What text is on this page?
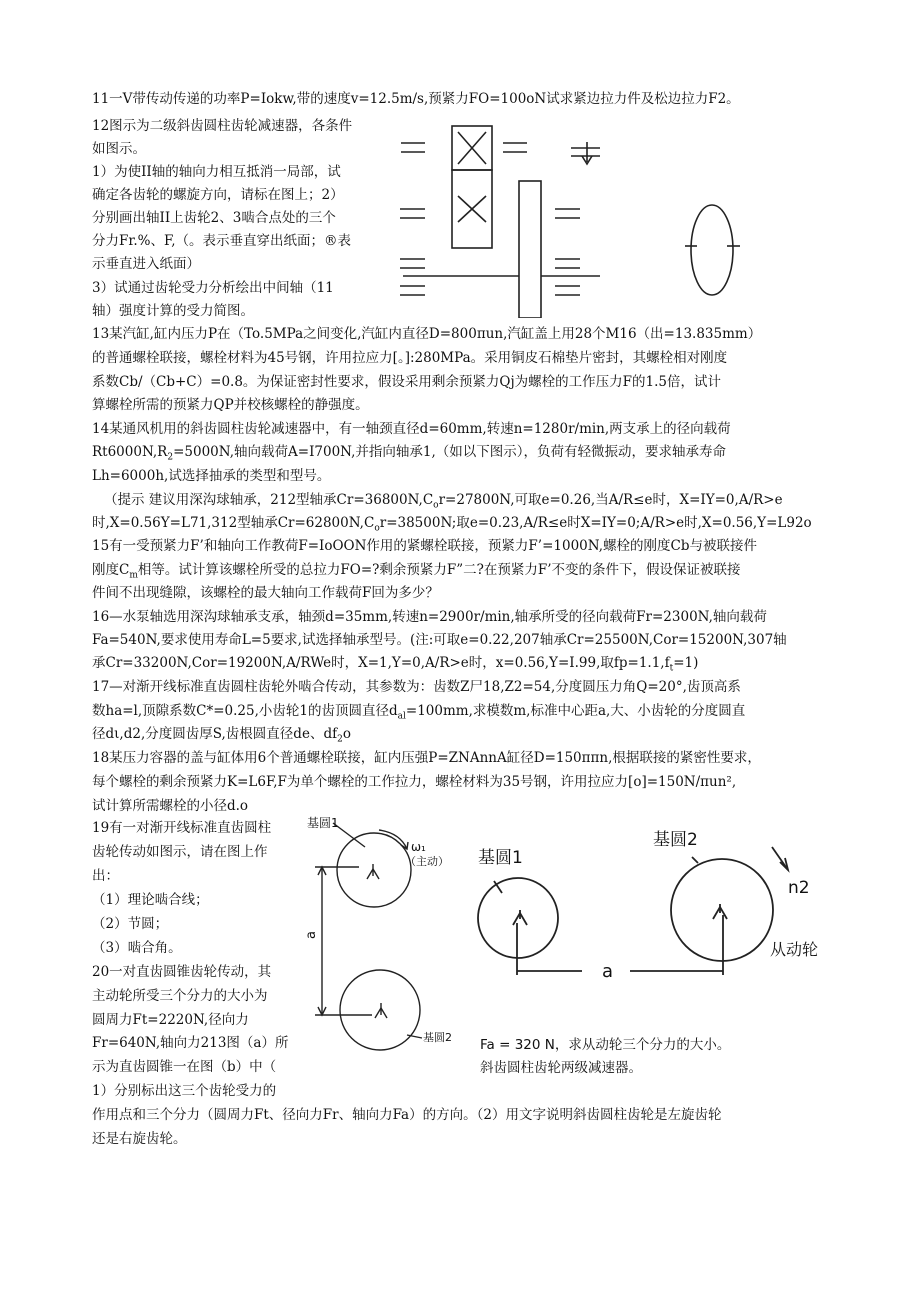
11一V带传动传递的功率P=Iokw,带的速度v=12.5m/s,预紧力FO=100oN试求紧边拉力件及松边拉力F2。
12图示为二级斜齿圆柱齿轮减速器，各条件
如图示。
1）为使II轴的轴向力相互抵消一局部，试
确定各齿轮的螺旋方向，请标在图上；2）
分别画出轴II上齿轮2、3啮合点处的三个
分力Fr.%、F,（。表示垂直穿出纸面；®表
示垂直进入纸面）
3）试通过齿轮受力分析绘出中间轴（11
轴）强度计算的受力简图。
13某汽缸,缸内压力P在（To.5MPa之间变化,汽缸内直径D=800πun,汽缸盖上用28个M16（出=13.835mm）
的普通螺栓联接，螺栓材料为45号钢，许用拉应力[。]:280MPa。采用铜皮石棉垫片密封，其螺栓相对刚度
系数Cb/（Cb+C）=0.8。为保证密封性要求，假设采用剩余预紧力Qj为螺栓的工作压力F的1.5倍，试计
算螺栓所需的预紧力QP并校核螺栓的静强度。
14某通风机用的斜齿圆柱齿轮减速器中，有一轴颈直径d=60mm,转速n=1280r/min,两支承上的径向载荷
$Rt6000N,R_2=5000N$,轴向载荷A=I700N,并指向轴承1,（如以下图示），负荷有轻微振动，要求轴承寿命
Lh=6000h,试选择抽承的类型和型号。
（提示 建议用深沟球轴承，212型轴承$Cr=36800N,C_or=27800N$,可取e=0.26,当A/R≤e时，X=IY=0,A/R>e
时,X=0.56Y=L71,312型轴承$Cr=62800N,C_or=38500N$;取e=0.23,A/R≤e时X=IY=0;A/R>e时,X=0.56,Y=L92o
15有一受预紧力F’和轴向工作教荷F=IoOON作用的紧螺栓联接，预紧力F’=1000N,螺栓的刚度Cb与被联接件
刚度$C_m$相等。试计算该螺栓所受的总拉力FO=?剩余预紧力F”二?在预紧力F’不变的条件下，假设保证被联接
件间不出现缝隙，该螺栓的最大轴向工作载荷F回为多少？
16—水泵轴选用深沟球轴承支承，轴颈d=35mm,转速n=2900r/min,轴承所受的径向载荷Fr=2300N,轴向载荷
Fa=540N,要求使用寿命L=5要求,试选择轴承型号。(注:可取e=0.22,207轴承Cr=25500N,Cor=15200N,307轴
承Cr=33200N,Cor=19200N,A/RWe时，X=1,Y=0,A/R>e时，x=0.56,Y=I.99,取$fp=1.1,f_t=1$)
17—对渐开线标准直齿圆柱齿轮外啮合传动，其参数为：齿数Z尸18,Z2=54,分度圆压力角Q=20°,齿顶高系
数ha=l,顶隙系数C*=0.25,小齿轮1的齿顶圆直径$d_{al}=100mm$,求模数m,标准中心距a,大、小齿轮的分度圆直
径dι,d2,分度圆齿厚S,齿根圆直径de、$df_2o$
18某压力容器的盖与缸体用6个普通螺栓联接，缸内压强P=ZNAnnA缸径D=150ππn,根据联接的紧密性要求，
每个螺栓的剩余预紧力K=L6F,F为单个螺栓的工作拉力，螺栓材料为35号钢，许用拉应力[o]=150N/πun²,
试计算所需螺栓的小径d.o
19有一对渐开线标准直齿圆柱
齿轮传动如图示，请在图上作
出：
（1）理论啮合线；
（2）节圆；
（3）啮合角。
20一对直齿圆锥齿轮传动，其
主动轮所受三个分力的大小为
圆周力Ft=2220N,径向力
Fr=640N,轴向力213图（a）所
示为直齿圆锥一在图（b）中（
1）分别标出这三个齿轮受力的
作用点和三个分力（圆周力Ft、径向力Fr、轴向力Fa）的方向。（2）用文字说明斜齿圆柱齿轮是左旋齿轮
还是右旋齿轮。
基圆1
ω₁
（主动）
a
基圆2
基圆1
基圆2
n2
从动轮
a
Fa = 320 N，求从动轮三个分力的大小。
斜齿圆柱齿轮两级减速器。
